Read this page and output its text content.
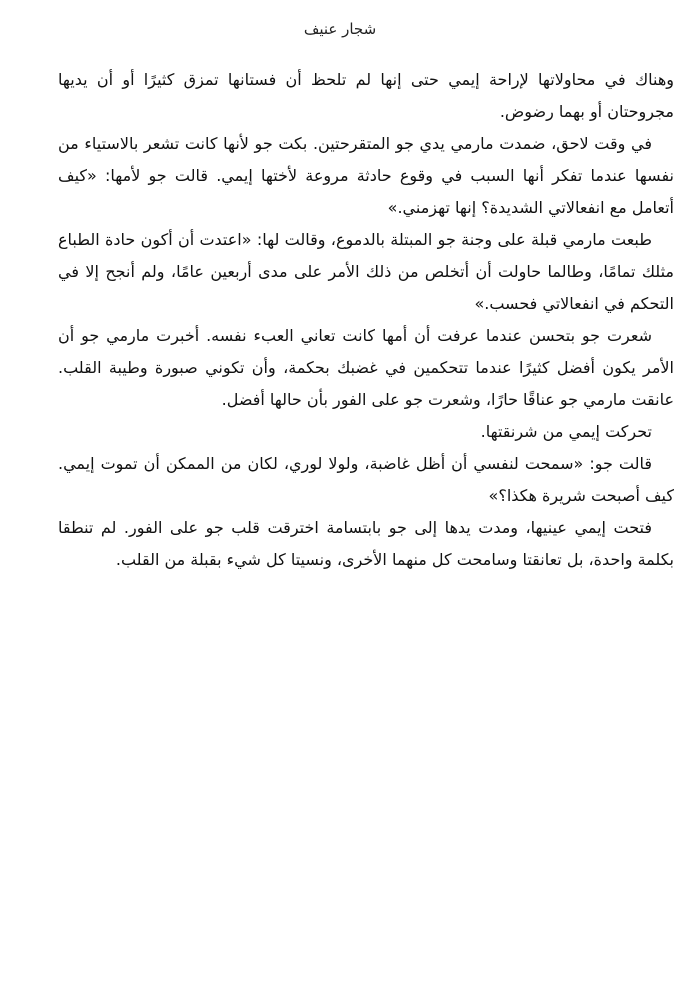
شجار عنيف

وهناك في محاولاتها لإراحة إيمي حتى إنها لم تلحظ أن فستانها تمزق كثيرًا أو أن يديها مجروحتان أو بهما رضوض.

في وقت لاحق، ضمدت مارمي يدي جو المتقرحتين. بكت جو لأنها كانت تشعر بالاستياء من نفسها عندما تفكر أنها السبب في وقوع حادثة مروعة لأختها إيمي. قالت جو لأمها: «كيف أتعامل مع انفعالاتي الشديدة؟ إنها تهزمني.»

طبعت مارمي قبلة على وجنة جو المبتلة بالدموع، وقالت لها: «اعتدت أن أكون حادة الطباع مثلك تمامًا، وطالما حاولت أن أتخلص من ذلك الأمر على مدى أربعين عامًا، ولم أنجح إلا في التحكم في انفعالاتي فحسب.»

شعرت جو بتحسن عندما عرفت أن أمها كانت تعاني العبء نفسه. أخبرت مارمي جو أن الأمر يكون أفضل كثيرًا عندما تتحكمين في غضبك بحكمة، وأن تكوني صبورة وطيبة القلب. عانقت مارمي جو عناقًا حارًا، وشعرت جو على الفور بأن حالها أفضل.

تحركت إيمي من شرنقتها.

قالت جو: «سمحت لنفسي أن أظل غاضبة، ولولا لوري، لكان من الممكن أن تموت إيمي. كيف أصبحت شريرة هكذا؟»

فتحت إيمي عينيها، ومدت يدها إلى جو بابتسامة اخترقت قلب جو على الفور. لم تنطقا بكلمة واحدة، بل تعانقتا وسامحت كل منهما الأخرى، ونسيتا كل شيء بقبلة من القلب.
